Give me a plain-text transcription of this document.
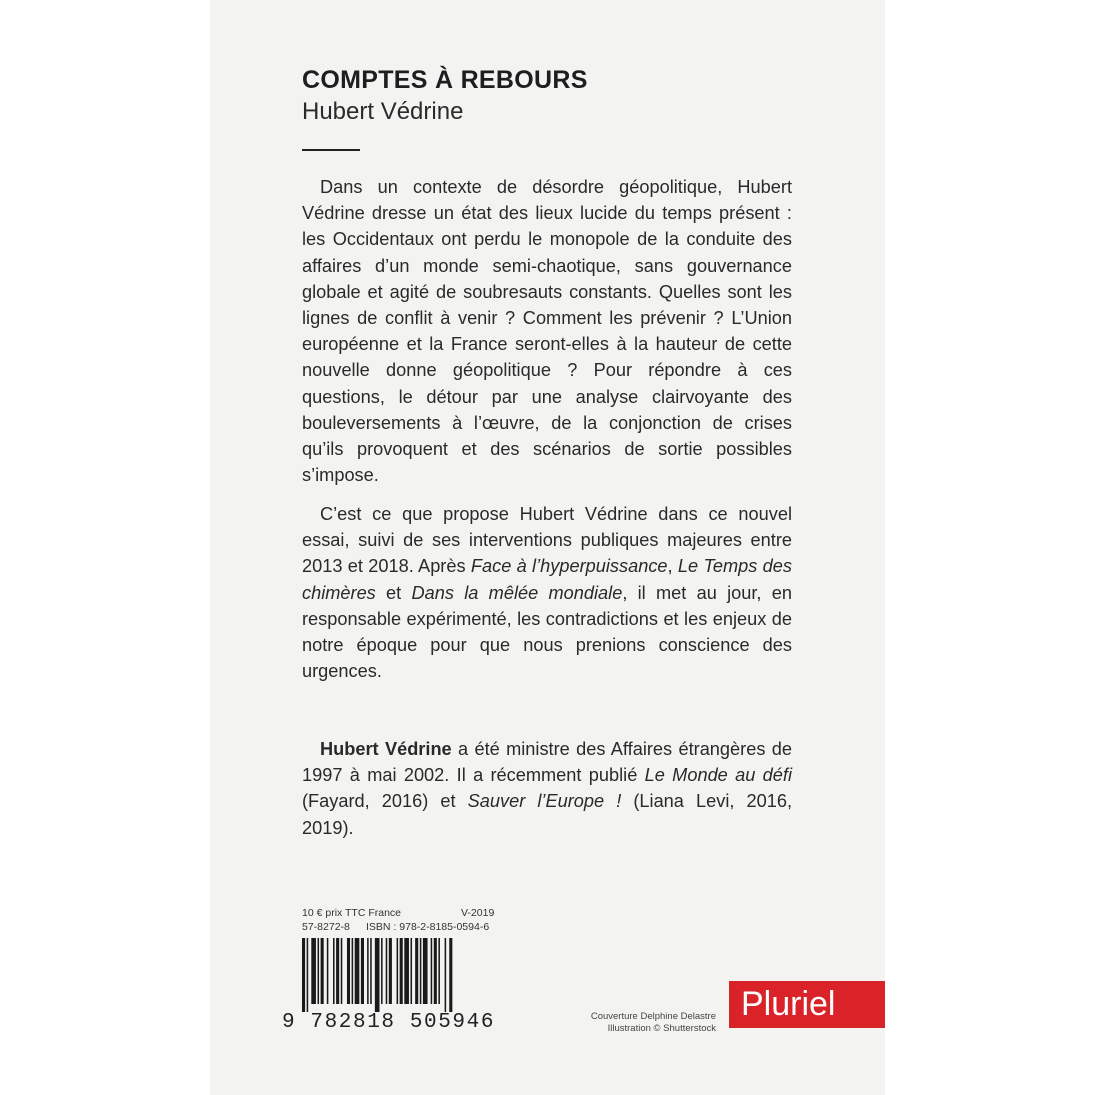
COMPTES À REBOURS
Hubert Védrine

Dans un contexte de désordre géopolitique, Hubert Védrine dresse un état des lieux lucide du temps présent : les Occidentaux ont perdu le monopole de la conduite des affaires d’un monde semi-chaotique, sans gouvernance globale et agité de soubresauts constants. Quelles sont les lignes de conflit à venir ? Comment les prévenir ? L’Union européenne et la France seront-elles à la hauteur de cette nouvelle donne géopolitique ? Pour répondre à ces questions, le détour par une analyse clairvoyante des bouleversements à l’œuvre, de la conjonction de crises qu’ils provoquent et des scénarios de sortie possibles s’impose.

C’est ce que propose Hubert Védrine dans ce nouvel essai, suivi de ses interventions publiques majeures entre 2013 et 2018. Après Face à l’hyperpuissance, Le Temps des chimères et Dans la mêlée mondiale, il met au jour, en responsable expérimenté, les contradictions et les enjeux de notre époque pour que nous prenions conscience des urgences.

Hubert Védrine a été ministre des Affaires étrangères de 1997 à mai 2002. Il a récemment publié Le Monde au défi (Fayard, 2016) et Sauver l’Europe ! (Liana Levi, 2016, 2019).

10 € prix TTC France	V-2019
57-8272-8 ISBN : 978-2-8185-0594-6
9 782818 505946	Couverture Delphine Delastre
Illustration © Shutterstock
Pluriel
